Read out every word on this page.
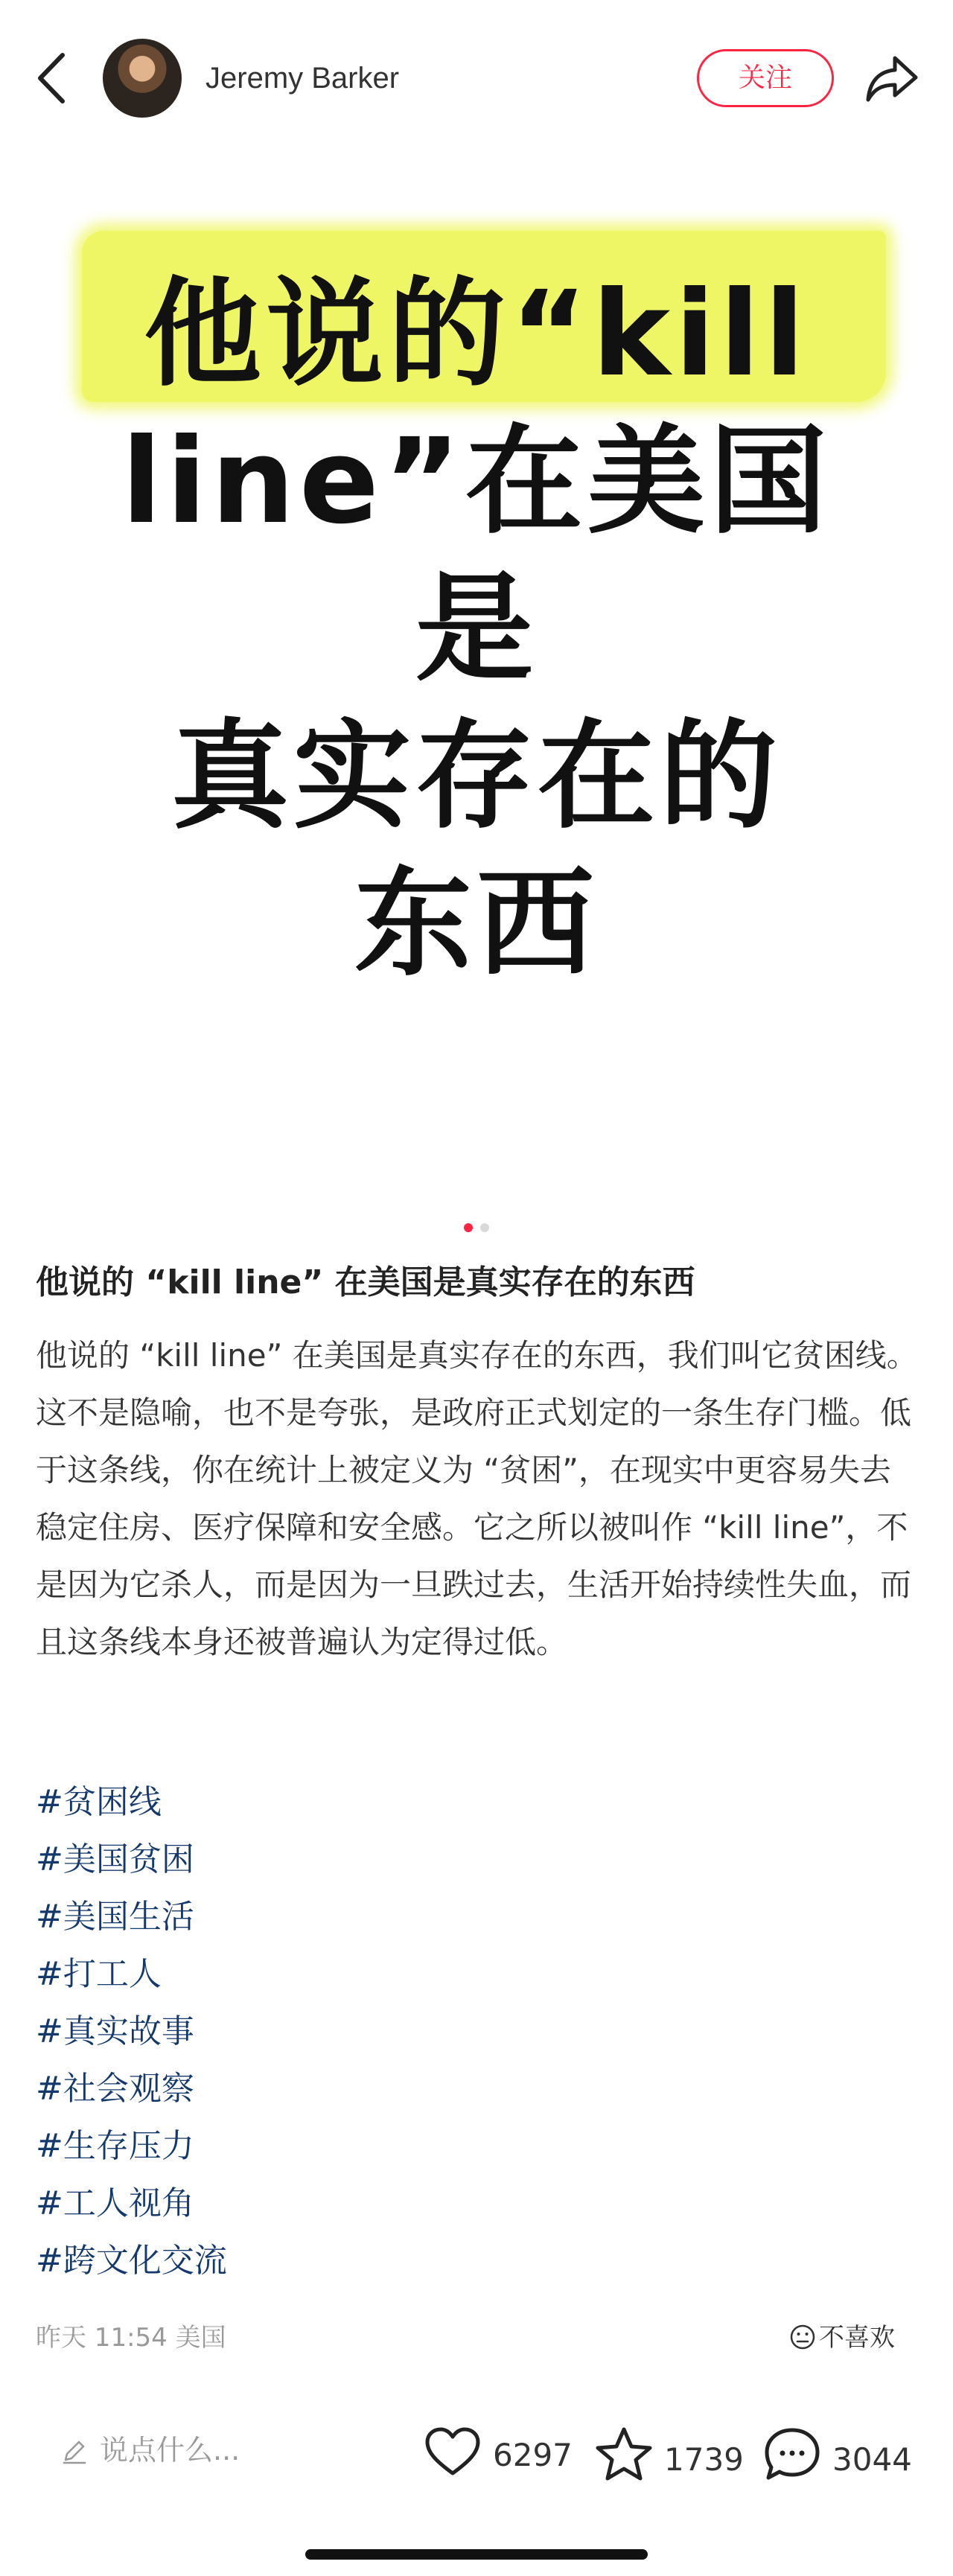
Jeremy Barker	关注
他说的“kill
line”在美国是
真实存在的
东西
他说的 “kill line” 在美国是真实存在的东西
他说的 “kill line” 在美国是真实存在的东西，我们叫它贫困线。这不是隐喻，也不是夸张，是政府正式划定的一条生存门槛。低于这条线，你在统计上被定义为 “贫困”，在现实中更容易失去稳定住房、医疗保障和安全感。它之所以被叫作 “kill line”，不是因为它杀人，而是因为一旦跌过去，生活开始持续性失血，而且这条线本身还被普遍认为定得过低。
#贫困线
#美国贫困
#美国生活
#打工人
#真实故事
#社会观察
#生存压力
#工人视角
#跨文化交流
昨天 11:54 美国	不喜欢
说点什么...	6297	1739	3044
